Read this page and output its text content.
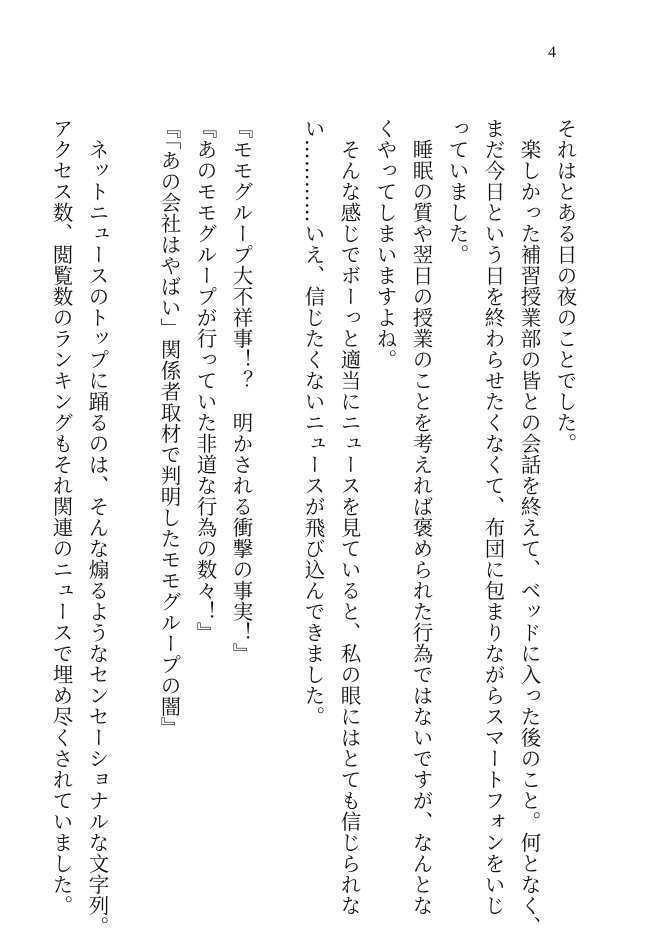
4
それはとある日の夜のことでした。
　楽しかった補習授業部の皆との会話を終えて、ベッドに入った後のこと。何となく、
まだ今日という日を終わらせたくなくて、布団に包まりながらスマートフォンをいじ
っていました。
　睡眠の質や翌日の授業のことを考えれば褒められた行為ではないですが、なんとな
くやってしまいますよね。
　そんな感じでボーっと適当にニュースを見ていると、私の眼にはとても信じられな
い…………いえ、信じたくないニュースが飛び込んできました。
『モモグループ大不祥事！？　明かされる衝撃の事実！』
『あのモモグループが行っていた非道な行為の数々！』
『「あの会社はやばい」関係者取材で判明したモモグループの闇』
　ネットニュースのトップに踊るのは、そんな煽るようなセンセーショナルな文字列。
アクセス数、閲覧数のランキングもそれ関連のニュースで埋め尽くされていました。
